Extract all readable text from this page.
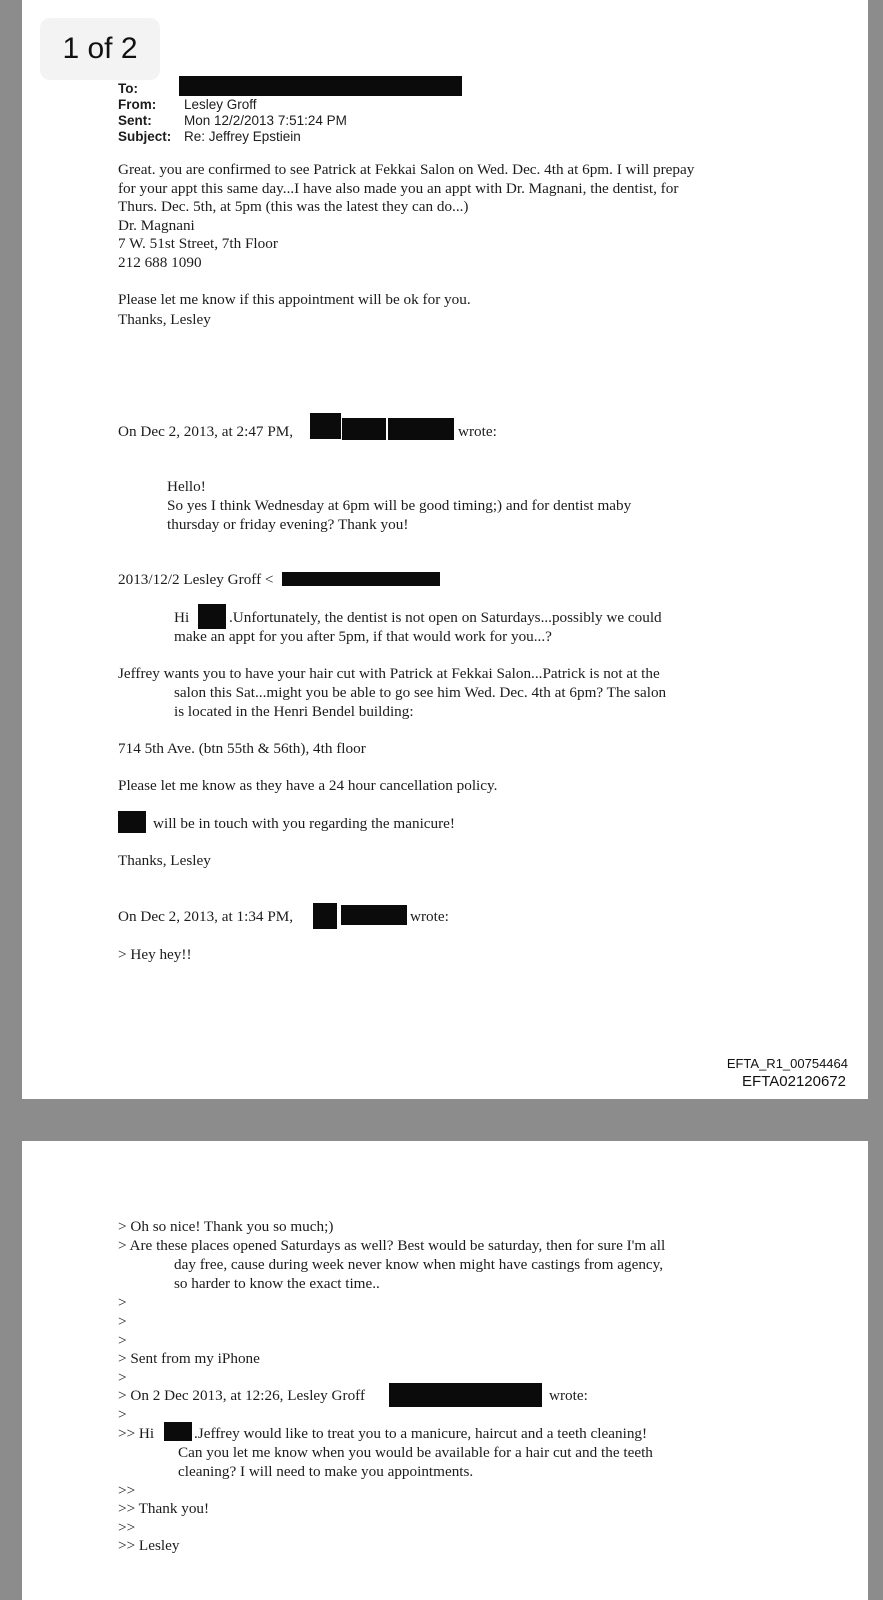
1 of 2
To:
From: Lesley Groff
Sent: Mon 12/2/2013 7:51:24 PM
Subject: Re: Jeffrey Epstiein
Great. you are confirmed to see Patrick at Fekkai Salon on Wed. Dec. 4th at 6pm. I will prepay
for your appt this same day...I have also made you an appt with Dr. Magnani, the dentist, for
Thurs. Dec. 5th, at 5pm (this was the latest they can do...)
Dr. Magnani
7 W. 51st Street, 7th Floor
212 688 1090
Please let me know if this appointment will be ok for you.
Thanks, Lesley
On Dec 2, 2013, at 2:47 PM,	wrote:
Hello!
So yes I think Wednesday at 6pm will be good timing;) and for dentist maby
thursday or friday evening? Thank you!
2013/12/2 Lesley Groff <
Hi	.Unfortunately, the dentist is not open on Saturdays...possibly we could
make an appt for you after 5pm, if that would work for you...?
Jeffrey wants you to have your hair cut with Patrick at Fekkai Salon...Patrick is not at the
salon this Sat...might you be able to go see him Wed. Dec. 4th at 6pm? The salon
is located in the Henri Bendel building:
714 5th Ave. (btn 55th & 56th), 4th floor
Please let me know as they have a 24 hour cancellation policy.
will be in touch with you regarding the manicure!
Thanks, Lesley
On Dec 2, 2013, at 1:34 PM,	wrote:
> Hey hey!!
EFTA_R1_00754464
EFTA02120672
> Oh so nice! Thank you so much;)
> Are these places opened Saturdays as well? Best would be saturday, then for sure I'm all
day free, cause during week never know when might have castings from agency,
so harder to know the exact time..
>
>
>
> Sent from my iPhone
>
> On 2 Dec 2013, at 12:26, Lesley Groff	wrote:
>
>> Hi	.Jeffrey would like to treat you to a manicure, haircut and a teeth cleaning!
Can you let me know when you would be available for a hair cut and the teeth
cleaning? I will need to make you appointments.
>>
>> Thank you!
>>
>> Lesley
